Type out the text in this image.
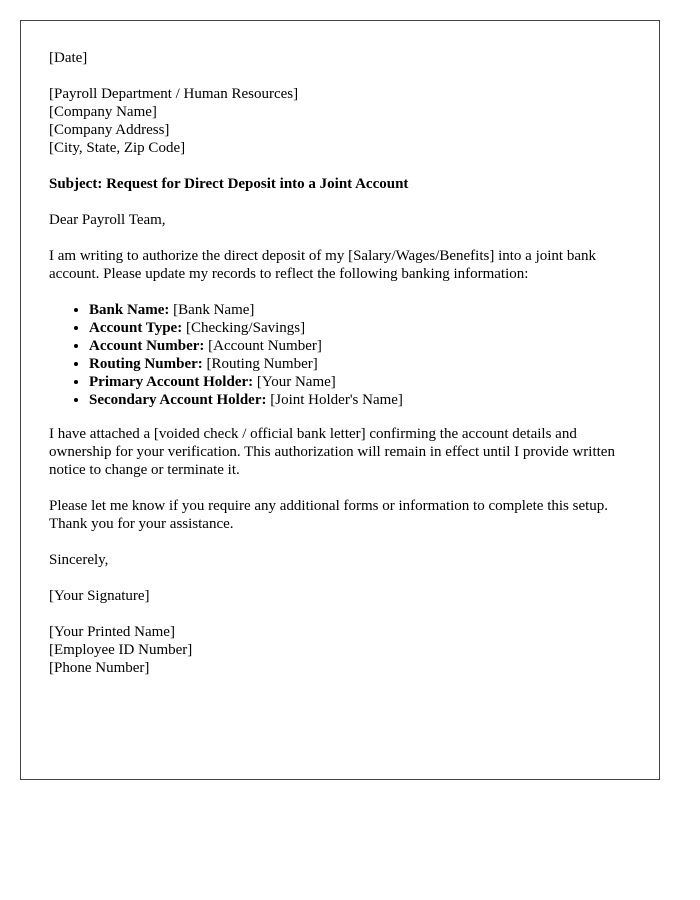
[Date]

[Payroll Department / Human Resources]
[Company Name]
[Company Address]
[City, State, Zip Code]

Subject: Request for Direct Deposit into a Joint Account

Dear Payroll Team,

I am writing to authorize the direct deposit of my [Salary/Wages/Benefits] into a joint bank account. Please update my records to reflect the following banking information:

• Bank Name: [Bank Name]
• Account Type: [Checking/Savings]
• Account Number: [Account Number]
• Routing Number: [Routing Number]
• Primary Account Holder: [Your Name]
• Secondary Account Holder: [Joint Holder's Name]

I have attached a [voided check / official bank letter] confirming the account details and ownership for your verification. This authorization will remain in effect until I provide written notice to change or terminate it.

Please let me know if you require any additional forms or information to complete this setup. Thank you for your assistance.

Sincerely,

[Your Signature]

[Your Printed Name]
[Employee ID Number]
[Phone Number]
